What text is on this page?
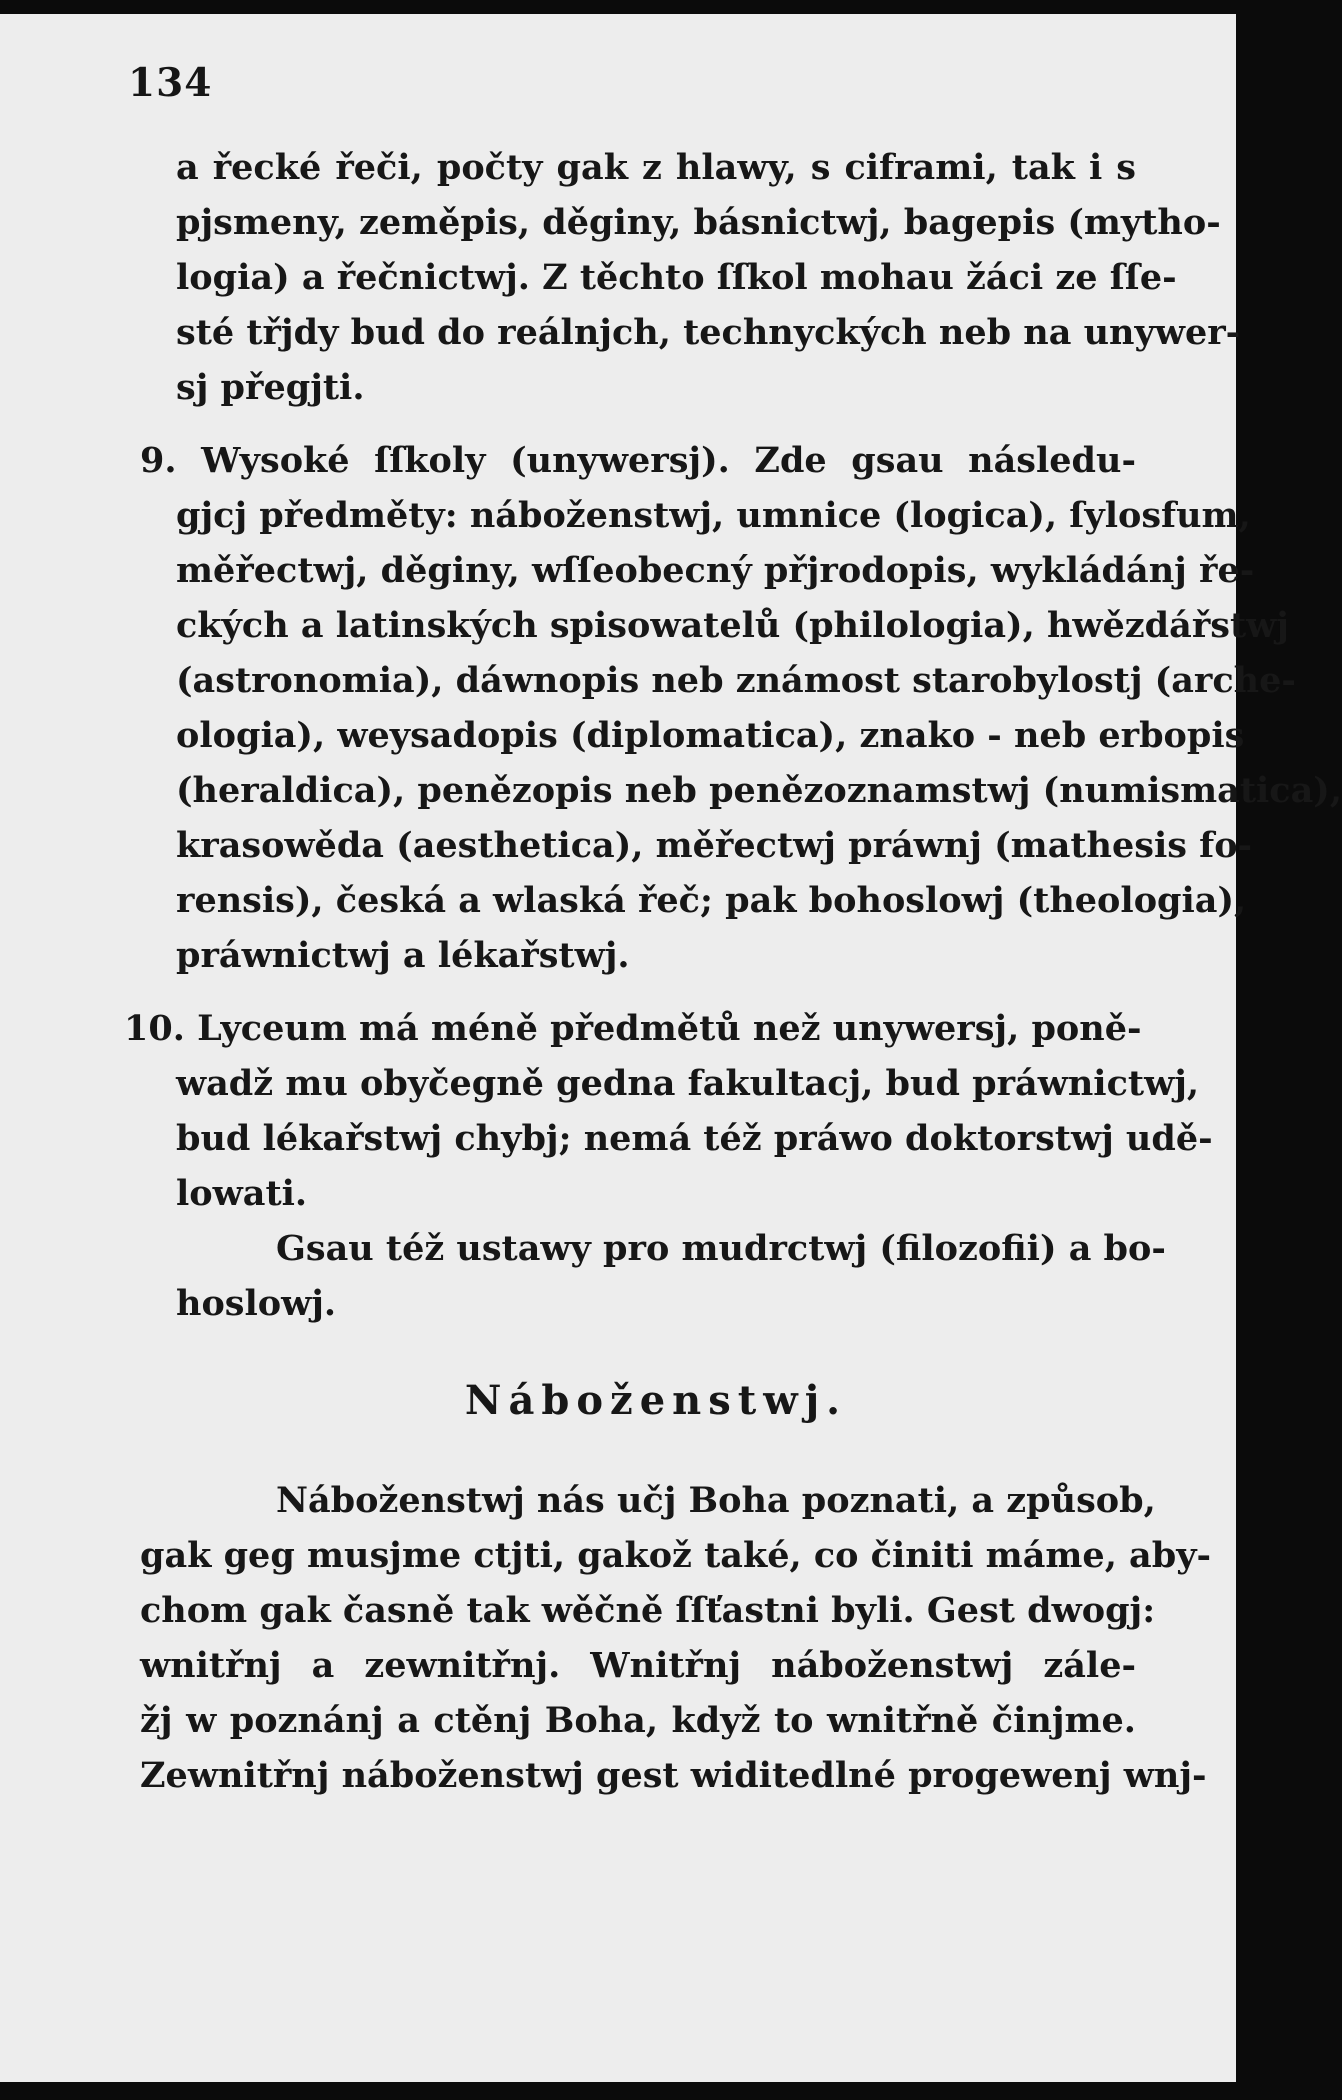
134
a řecké řeči, počty gak z hlawy, s ciframi, tak i s
pjsmeny, zeměpis, děginy, básnictwj, bagepis (mytho-
logia) a řečnictwj. Z těchto ſſkol mohau žáci ze ſſe-
sté třjdy bud do reálnjch, technyckých neb na unywer-
sj přegjti.
9. Wysoké ſſkoly (unywersj). Zde gsau následu-
gjcj předměty: náboženstwj, umnice (logica), ſylosfum,
měřectwj, děginy, wſſeobecný přjrodopis, wykládánj ře-
ckých a latinských spisowatelů (philologia), hwězdářstwj
(astronomia), dáwnopis neb známost starobylostj (arche-
ologia), weysadopis (diplomatica), znako - neb erbopis
(heraldica), penězopis neb penězoznamstwj (numismatica),
krasowěda (aesthetica), měřectwj práwnj (mathesis fo-
rensis), česká a wlaská řeč; pak bohoslowj (theologia),
práwnictwj a lékařstwj.
10. Lyceum má méně předmětů než unywersj, poně-
wadž mu obyčegně gedna fakultacj, bud práwnictwj,
bud lékařstwj chybj; nemá též práwo doktorstwj udě-
lowati.
Gsau též ustawy pro mudrctwj (filozofii) a bo-
hoslowj.
Náboženstwj.
Náboženstwj nás učj Boha poznati, a způsob,
gak geg musjme ctjti, gakož také, co činiti máme, aby-
chom gak časně tak wěčně ſſťastni byli. Gest dwogj:
wnitřnj a zewnitřnj. Wnitřnj náboženstwj zále-
žj w poznánj a ctěnj Boha, když to wnitřně činjme.
Zewnitřnj náboženstwj gest widitedlné progewenj wnj-
